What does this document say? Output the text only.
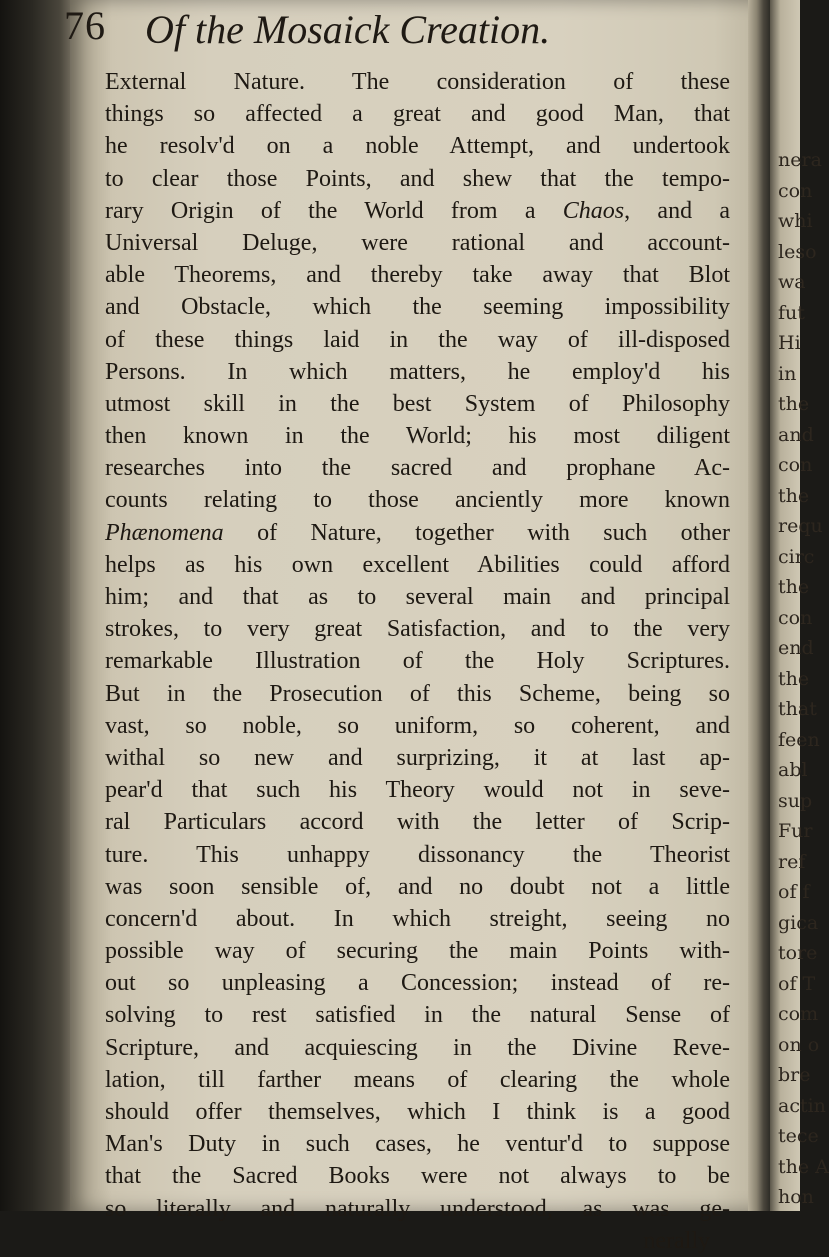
76 Of the Mosaick Creation.
External Nature. The consideration of these
things so affected a great and good Man, that
he resolv'd on a noble Attempt, and undertook
to clear those Points, and shew that the tempo-
rary Origin of the World from a Chaos, and a
Universal Deluge, were rational and account-
able Theorems, and thereby take away that Blot
and Obstacle, which the seeming impossibility
of these things laid in the way of ill-disposed
Persons. In which matters, he employ'd his
utmost skill in the best System of Philosophy
then known in the World; his most diligent
researches into the sacred and prophane Ac-
counts relating to those anciently more known
Phænomena of Nature, together with such other
helps as his own excellent Abilities could afford
him; and that as to several main and principal
strokes, to very great Satisfaction, and to the very
remarkable Illustration of the Holy Scriptures.
But in the Prosecution of this Scheme, being so
vast, so noble, so uniform, so coherent, and
withal so new and surprizing, it at last ap-
pear'd that such his Theory would not in seve-
ral Particulars accord with the letter of Scrip-
ture. This unhappy dissonancy the Theorist
was soon sensible of, and no doubt not a little
concern'd about. In which streight, seeing no
possible way of securing the main Points with-
out so unpleasing a Concession; instead of re-
solving to rest satisfied in the natural Sense of
Scripture, and acquiescing in the Divine Reve-
lation, till farther means of clearing the whole
should offer themselves, which I think is a good
Man's Duty in such cases, he ventur'd to suppose
that the Sacred Books were not always to be
so literally and naturally understood, as was ge-
nerally
nera
con
whi
leso
wa
fut
Hi
in
the
and
con
the
requ
circ
the
con
end
the
that
feen
abl
sup
Fur
ref
of f
gica
tore
of T
com
on o
bre
actin
tece
the A
hon
